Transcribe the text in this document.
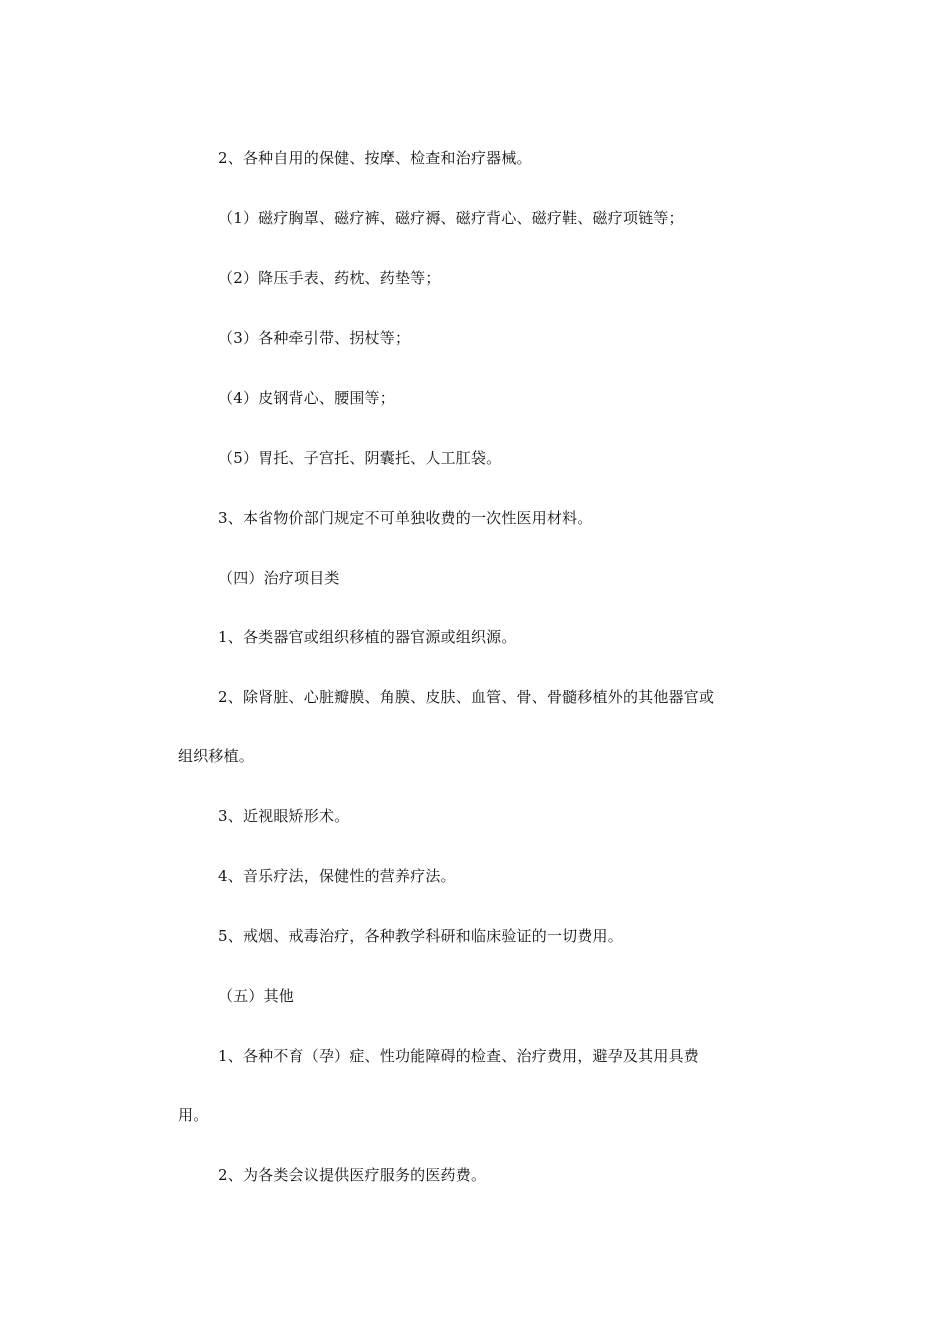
2、各种自用的保健、按摩、检查和治疗器械。
（1）磁疗胸罩、磁疗裤、磁疗褥、磁疗背心、磁疗鞋、磁疗项链等；
（2）降压手表、药枕、药垫等；
（3）各种牵引带、拐杖等；
（4）皮钢背心、腰围等；
（5）胃托、子宫托、阴囊托、人工肛袋。
3、本省物价部门规定不可单独收费的一次性医用材料。
（四）治疗项目类
1、各类器官或组织移植的器官源或组织源。
2、除肾脏、心脏瓣膜、角膜、皮肤、血管、骨、骨髓移植外的其他器官或
组织移植。
3、近视眼矫形术。
4、音乐疗法，保健性的营养疗法。
5、戒烟、戒毒治疗，各种教学科研和临床验证的一切费用。
（五）其他
1、各种不育（孕）症、性功能障碍的检查、治疗费用，避孕及其用具费
用。
2、为各类会议提供医疗服务的医药费。
